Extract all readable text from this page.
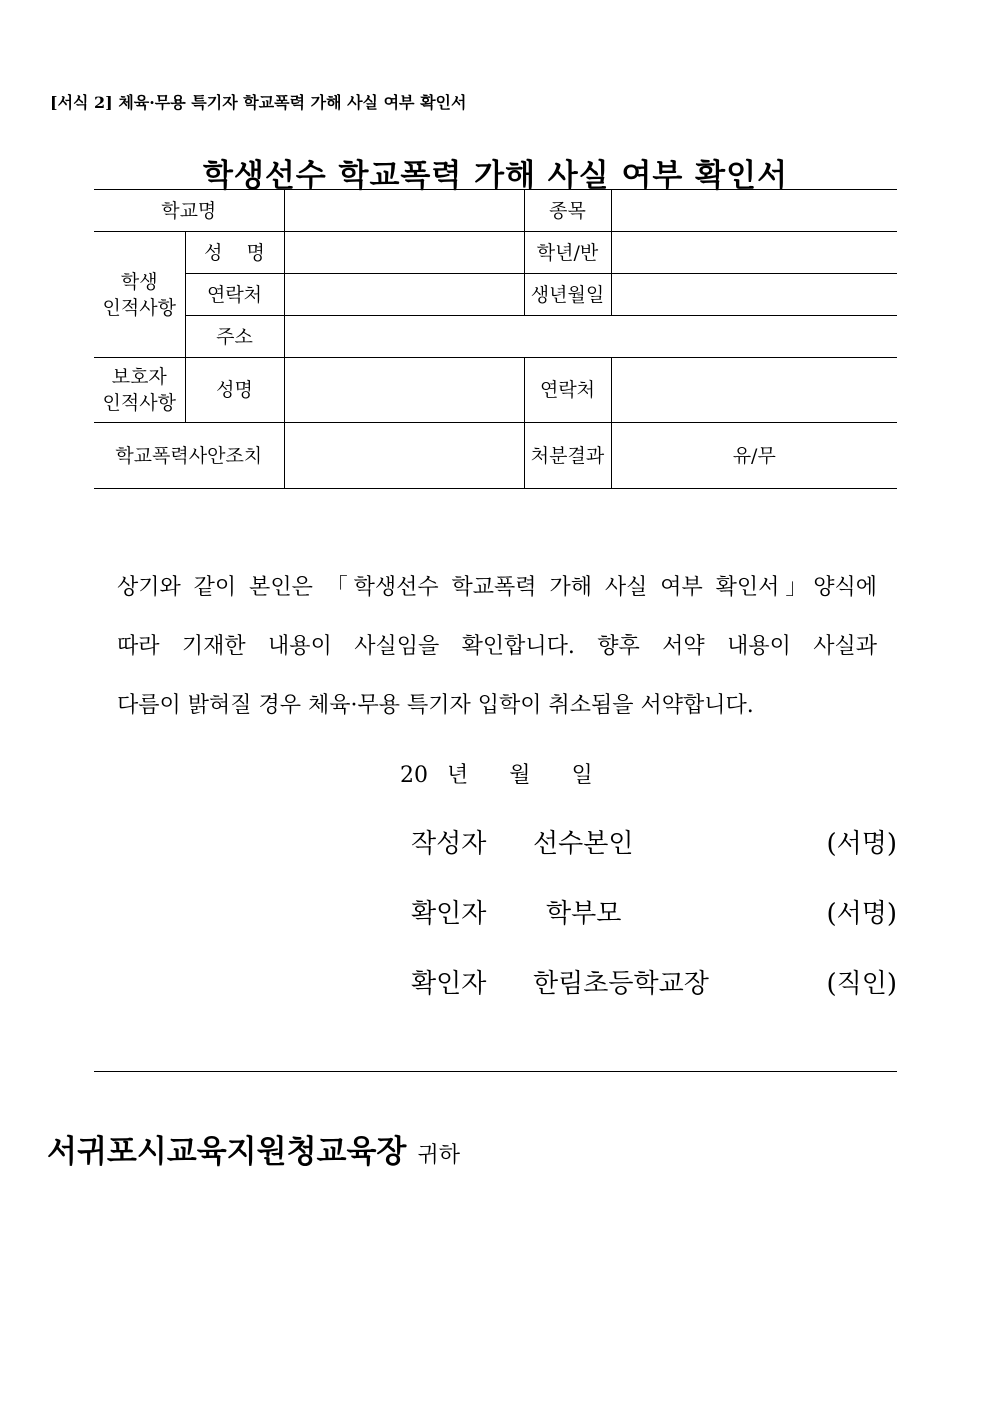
[서식 2] 체육·무용 특기자 학교폭력 가해 사실 여부 확인서
학생선수 학교폭력 가해 사실 여부 확인서
학교명			종목	

학생
인적사항	성 명		학년/반	
	연락처		생년월일	
	주소			

보호자
인적사항	성명		연락처	
학교폭력사안조치			처분결과	유/무
상기와 같이 본인은 「학생선수 학교폭력 가해 사실 여부 확인서」양식에
따라 기재한 내용이 사실임을 확인합니다. 향후 서약 내용이 사실과
다름이 밝혀질 경우 체육·무용 특기자 입학이 취소됨을 서약합니다.
20 년 월 일
작성자 선수본인	(서명)
확인자 학부모	(서명)
확인자 한림초등학교장	(직인)
서귀포시교육지원청교육장 귀하
